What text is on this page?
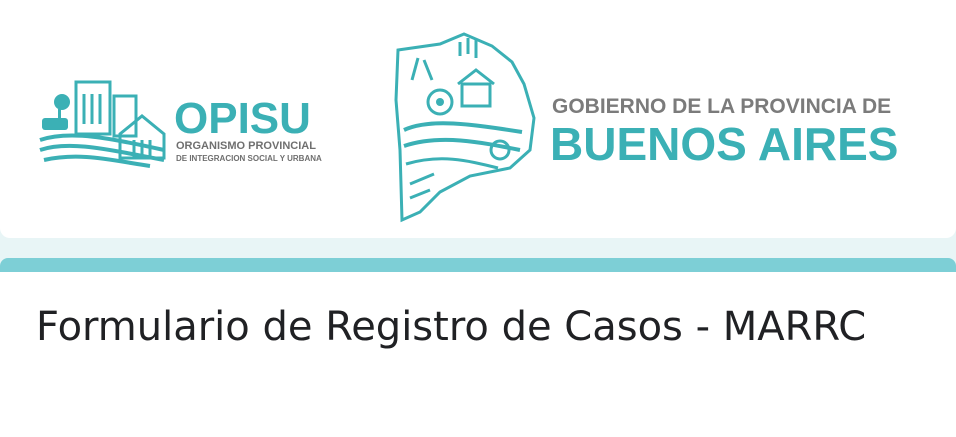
OPISU
ORGANISMO PROVINCIAL
DE INTEGRACION SOCIAL Y URBANA
GOBIERNO DE LA PROVINCIA DE
BUENOS AIRES
Formulario de Registro de Casos - MARRC
